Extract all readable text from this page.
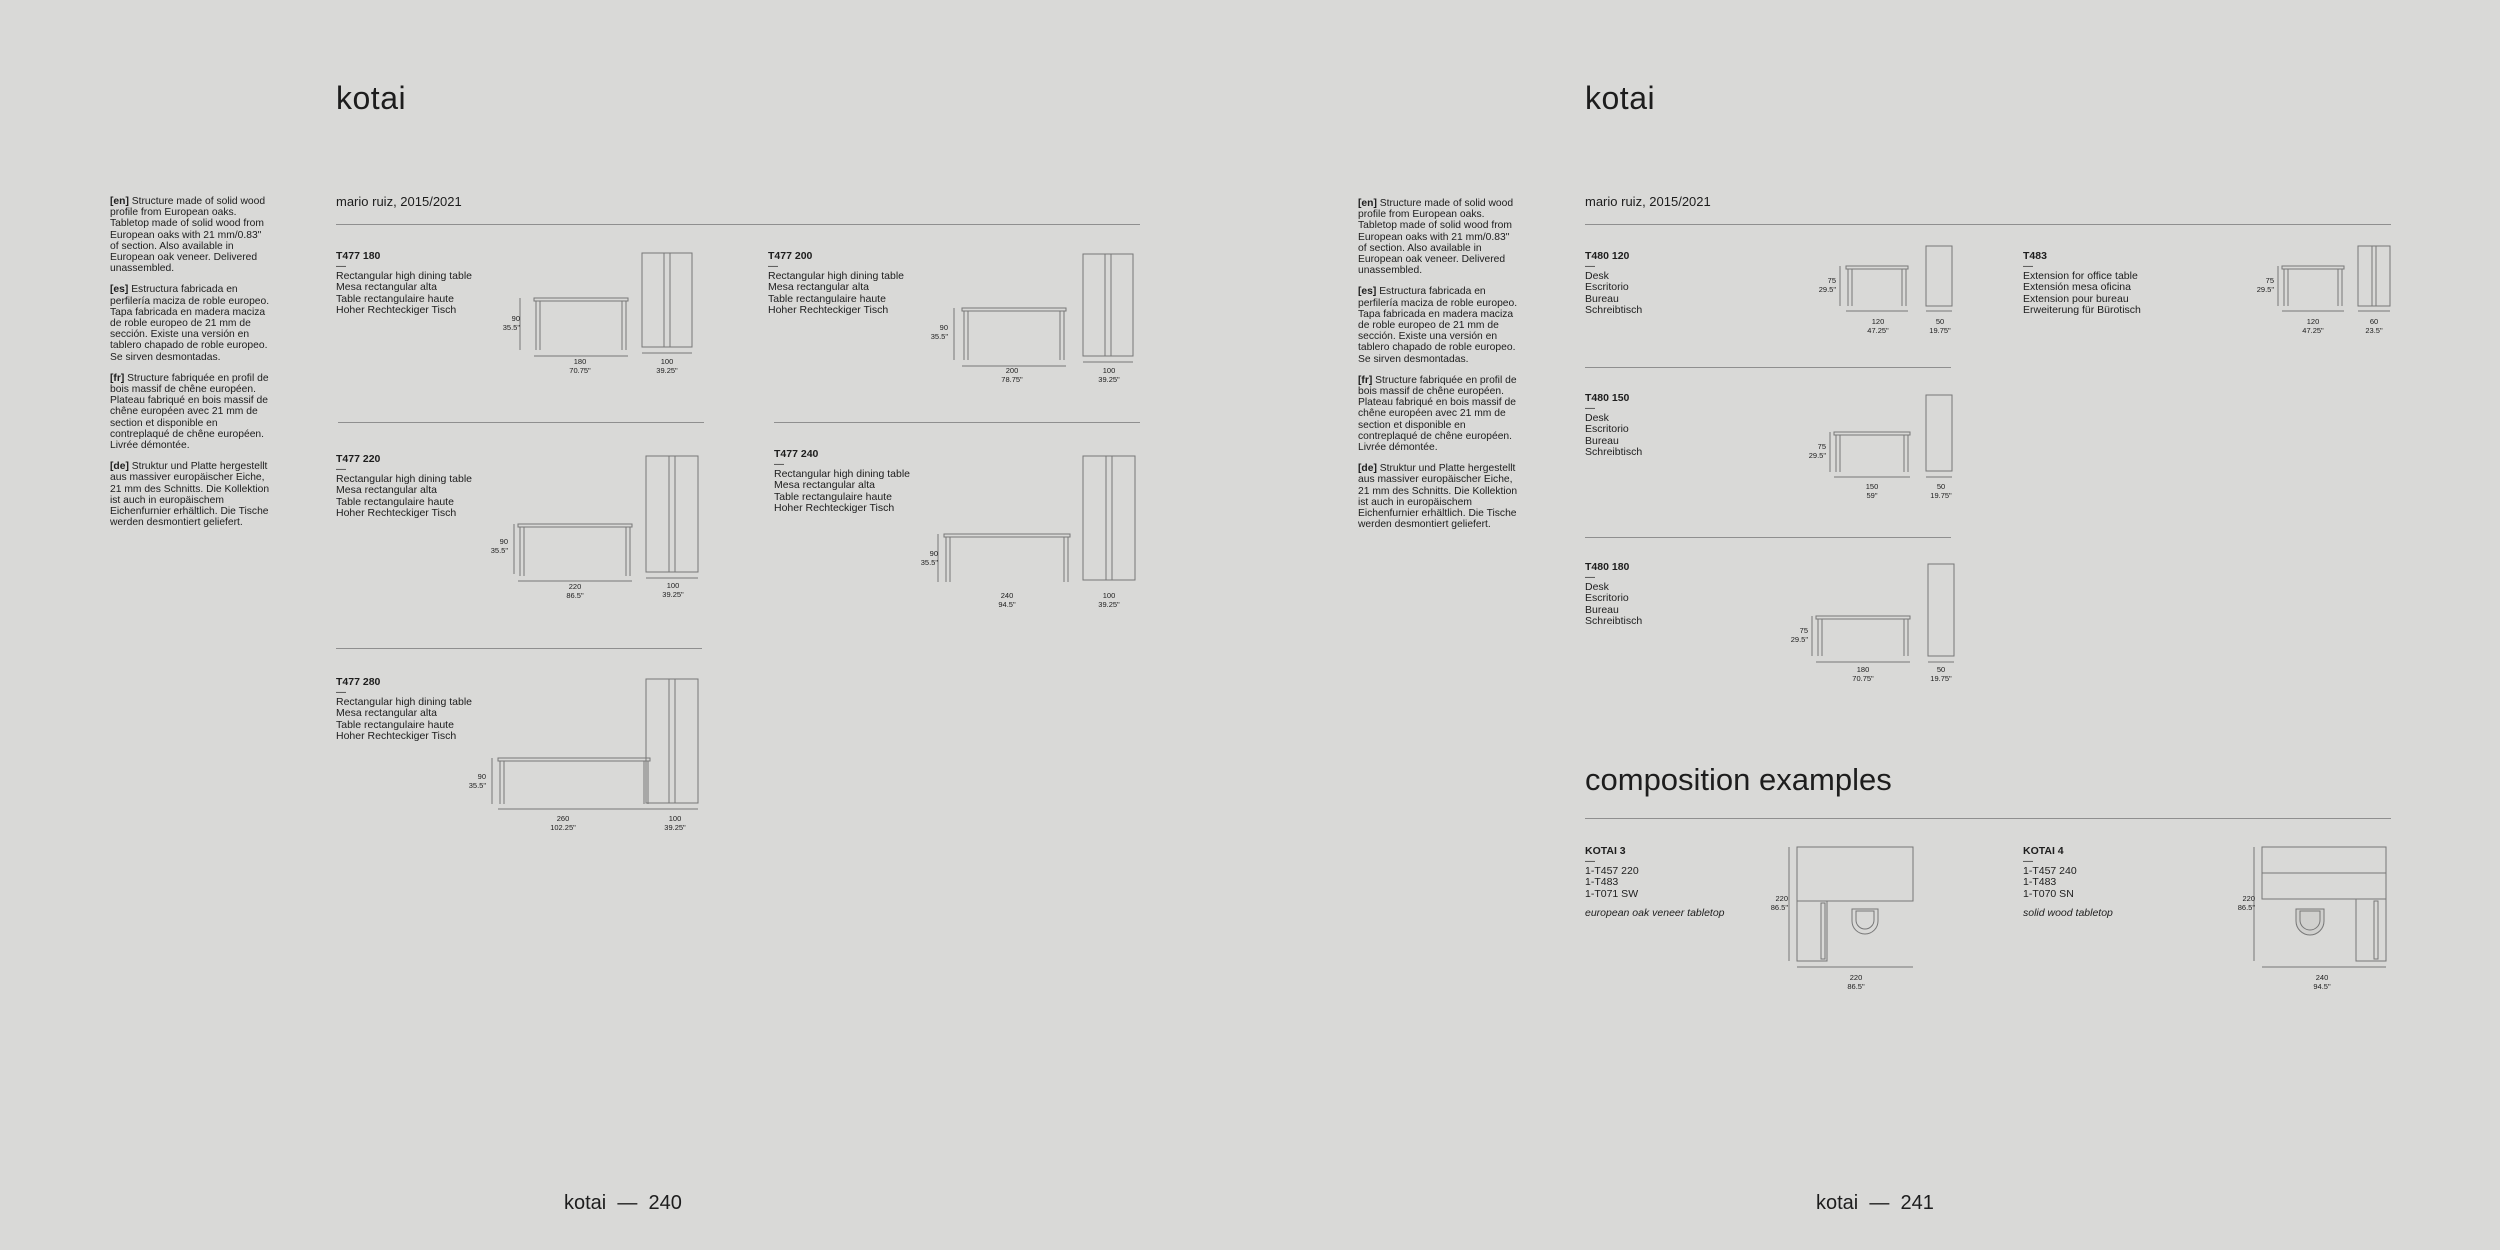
kotai

[en] Structure made of solid wood profile from European oaks. Tabletop made of solid wood from European oaks with 21 mm/0.83" of section. Also available in European oak veneer. Delivered unassembled.

[es] Estructura fabricada en perfilería maciza de roble europeo. Tapa fabricada en madera maciza de roble europeo de 21 mm de sección. Existe una versión en tablero chapado de roble europeo. Se sirven desmontadas.

[fr] Structure fabriquée en profil de bois massif de chêne européen. Plateau fabriqué en bois massif de chêne européen avec 21 mm de section et disponible en contreplaqué de chêne européen. Livrée démontée.

[de] Struktur und Platte hergestellt aus massiver europäischer Eiche, 21 mm des Schnitts. Die Kollektion ist auch in europäischem Eichenfurnier erhältlich. Die Tische werden desmontiert geliefert.

mario ruiz, 2015/2021
T477 180
—
Rectangular high dining table
Mesa rectangular alta
Table rectangulaire haute
Hoher Rechteckiger Tisch
90
35.5"
180
70.75"
100
39.25"
T477 200
—
Rectangular high dining table
Mesa rectangular alta
Table rectangulaire haute
Hoher Rechteckiger Tisch
90
35.5"
200
78.75"
100
39.25"
T477 220
—
Rectangular high dining table
Mesa rectangular alta
Table rectangulaire haute
Hoher Rechteckiger Tisch
90
35.5"
220
86.5"
100
39.25"
T477 240
—
Rectangular high dining table
Mesa rectangular alta
Table rectangulaire haute
Hoher Rechteckiger Tisch
90
35.5"
240
94.5"
100
39.25"
T477 280
—
Rectangular high dining table
Mesa rectangular alta
Table rectangulaire haute
Hoher Rechteckiger Tisch
90
35.5"
260
102.25"
100
39.25"
kotai  —  240
kotai

[en] Structure made of solid wood profile from European oaks. Tabletop made of solid wood from European oaks with 21 mm/0.83" of section. Also available in European oak veneer. Delivered unassembled.

[es] Estructura fabricada en perfilería maciza de roble europeo. Tapa fabricada en madera maciza de roble europeo de 21 mm de sección. Existe una versión en tablero chapado de roble europeo. Se sirven desmontadas.

[fr] Structure fabriquée en profil de bois massif de chêne européen. Plateau fabriqué en bois massif de chêne européen avec 21 mm de section et disponible en contreplaqué de chêne européen. Livrée démontée.

[de] Struktur und Platte hergestellt aus massiver europäischer Eiche, 21 mm des Schnitts. Die Kollektion ist auch in europäischem Eichenfurnier erhältlich. Die Tische werden desmontiert geliefert.

mario ruiz, 2015/2021
T480 120
—
Desk
Escritorio
Bureau
Schreibtisch
75
29.5"
120
47.25"
50
19.75"
T483
—
Extension for office table
Extensión mesa oficina
Extension pour bureau
Erweiterung für Bürotisch
75
29.5"
120
47.25"
60
23.5"
T480 150
—
Desk
Escritorio
Bureau
Schreibtisch	75
29.5"
150
59"
50
19.75"
T480 180
—
Desk
Escritorio
Bureau
Schreibtisch
75
29.5"
180
70.75"
50
19.75"
composition examples
KOTAI 3
—
1-T457 220
1-T483
1-T071 SW
european oak veneer tabletop
220
86.5"
220
86.5"
KOTAI 4
—
1-T457 240
1-T483
1-T070 SN
solid wood tabletop
220
86.5"
240
94.5"
kotai  —  241
